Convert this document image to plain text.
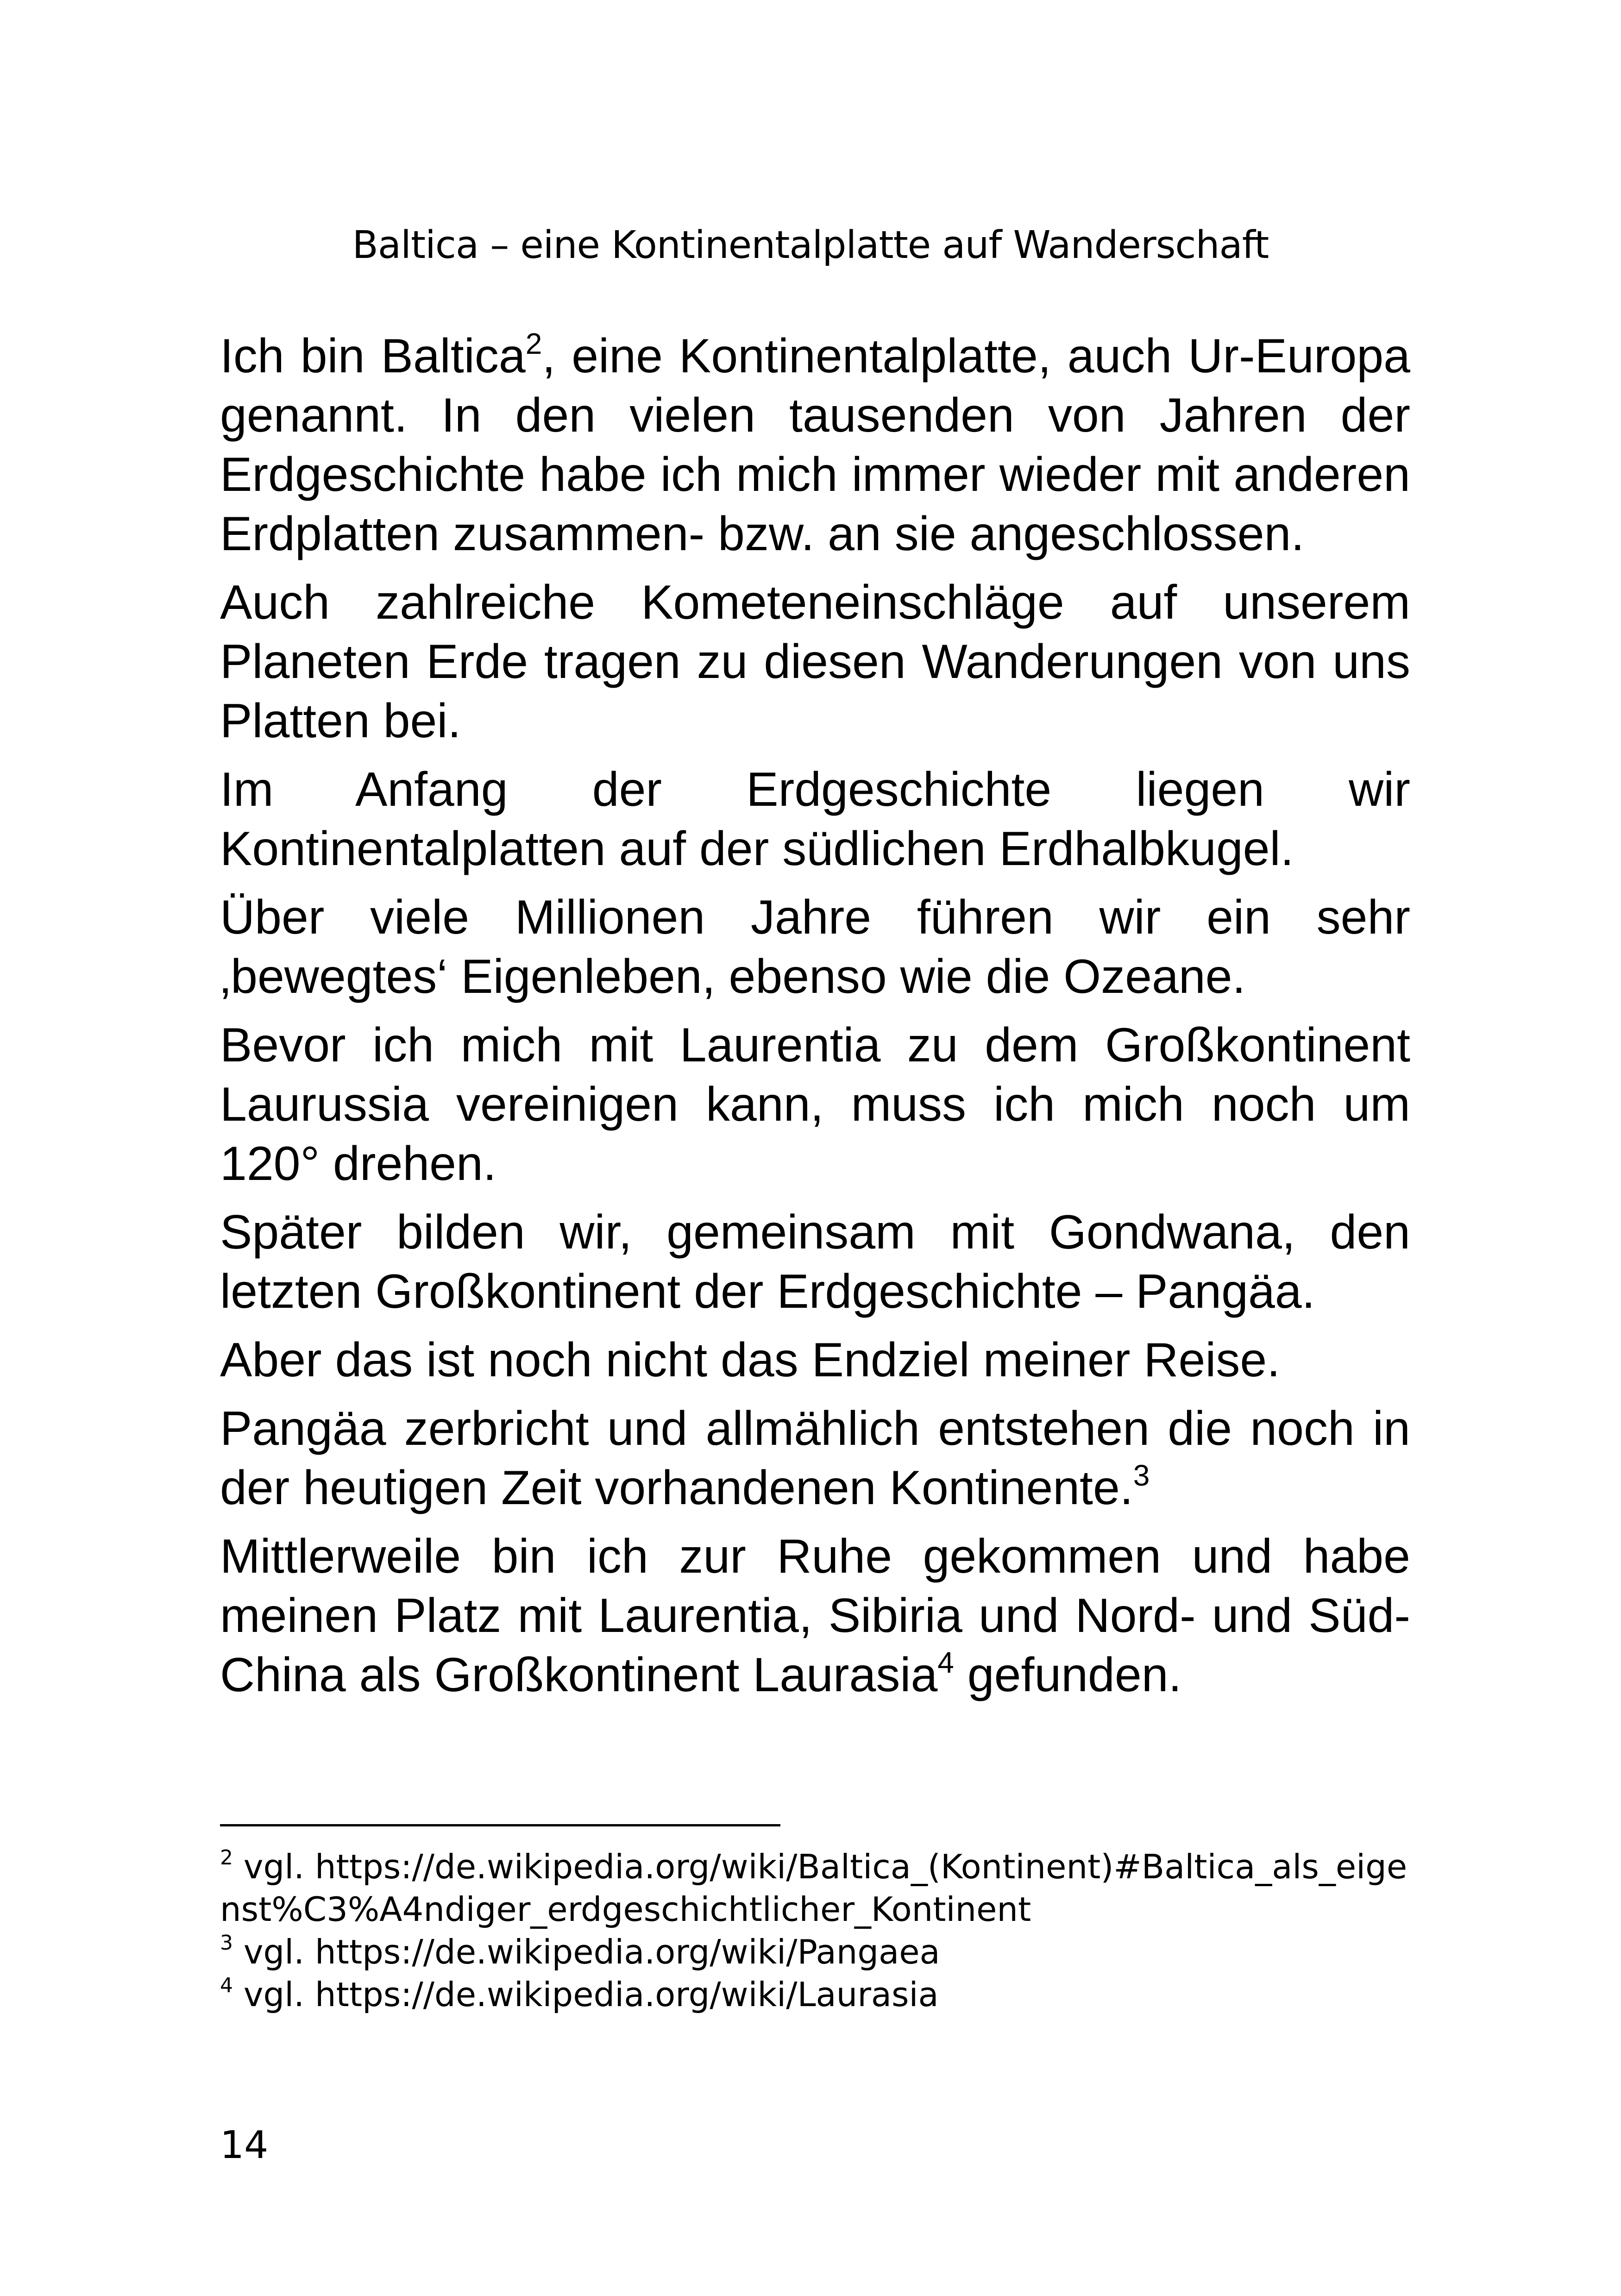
Baltica – eine Kontinentalplatte auf Wanderschaft

Ich bin Baltica$^2$, eine Kontinentalplatte, auch Ur-Europa genannt. In den vielen tausenden von Jahren der Erdgeschichte habe ich mich immer wieder mit anderen Erdplatten zusammen- bzw. an sie angeschlossen.

Auch zahlreiche Kometeneinschläge auf unserem Planeten Erde tragen zu diesen Wanderungen von uns Platten bei.

Im Anfang der Erdgeschichte liegen wir Kontinentalplatten auf der südlichen Erdhalbkugel.

Über viele Millionen Jahre führen wir ein sehr ‚bewegtes‘ Eigenleben, ebenso wie die Ozeane.

Bevor ich mich mit Laurentia zu dem Großkontinent Laurussia vereinigen kann, muss ich mich noch um 120° drehen.

Später bilden wir, gemeinsam mit Gondwana, den letzten Großkontinent der Erdgeschichte – Pangäa.

Aber das ist noch nicht das Endziel meiner Reise.

Pangäa zerbricht und allmählich entstehen die noch in der heutigen Zeit vorhandenen Kontinente.$^3$

Mittlerweile bin ich zur Ruhe gekommen und habe meinen Platz mit Laurentia, Sibiria und Nord- und Süd-China als Großkontinent Laurasia$^4$ gefunden.

$^2$ vgl. https://de.wikipedia.org/wiki/Baltica_(Kontinent)#Baltica_als_eigenst%C3%A4ndiger_erdgeschichtlicher_Kontinent

$^3$ vgl. https://de.wikipedia.org/wiki/Pangaea

$^4$ vgl. https://de.wikipedia.org/wiki/Laurasia

14
